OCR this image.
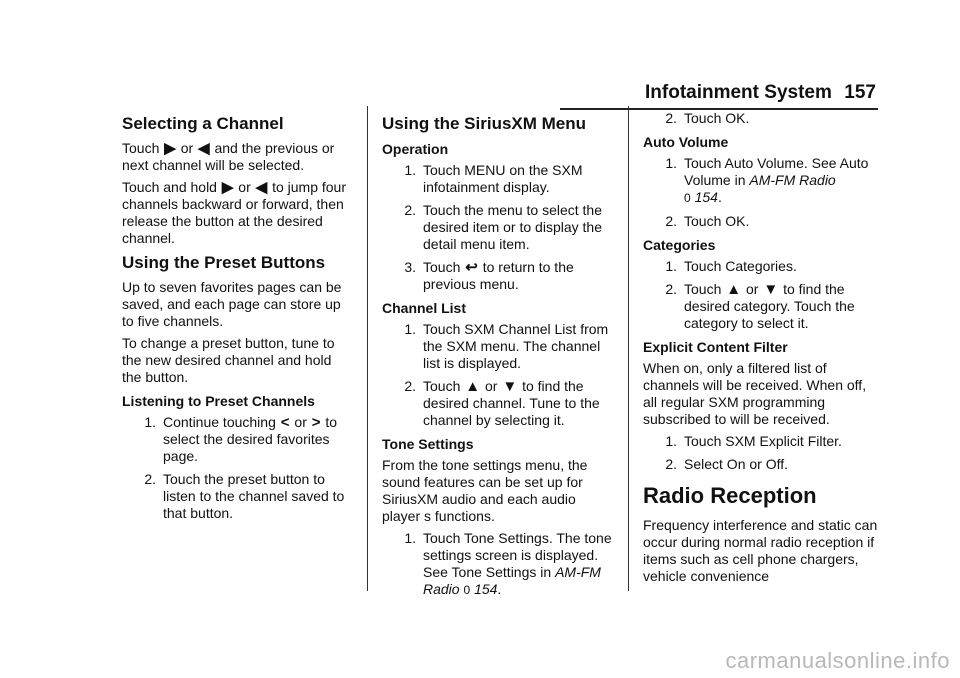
Infotainment System 157
Selecting a Channel

Touch ▶ or ◀ and the previous or next channel will be selected.

Touch and hold ▶ or ◀ to jump four channels backward or forward, then release the button at the desired channel.

Using the Preset Buttons

Up to seven favorites pages can be saved, and each page can store up to five channels.

To change a preset button, tune to the new desired channel and hold the button.

Listening to Preset Channels
1. Continue touching < or > to select the desired favorites page.
2. Touch the preset button to listen to the channel saved to that button.
Using the SiriusXM Menu
Operation
1. Touch MENU on the SXM infotainment display.
2. Touch the menu to select the desired item or to display the detail menu item.
3. Touch ↩ to return to the previous menu.
Channel List
1. Touch SXM Channel List from the SXM menu. The channel list is displayed.
2. Touch ▲ or ▼ to find the desired channel. Tune to the channel by selecting it.
Tone Settings

From the tone settings menu, the sound features can be set up for SiriusXM audio and each audio player s functions.

1. Touch Tone Settings. The tone settings screen is displayed. See Tone Settings in AM-FM Radio 0 154.
2. Touch OK.
Auto Volume
1. Touch Auto Volume. See Auto Volume in AM-FM Radio
0 154.
2. Touch OK.
Categories
1. Touch Categories.
2. Touch ▲ or ▼ to find the desired category. Touch the category to select it.
Explicit Content Filter

When on, only a filtered list of channels will be received. When off, all regular SXM programming subscribed to will be received.

1. Touch SXM Explicit Filter.
2. Select On or Off.
Radio Reception

Frequency interference and static can occur during normal radio reception if items such as cell phone chargers, vehicle convenience

carmanualsonline.info
